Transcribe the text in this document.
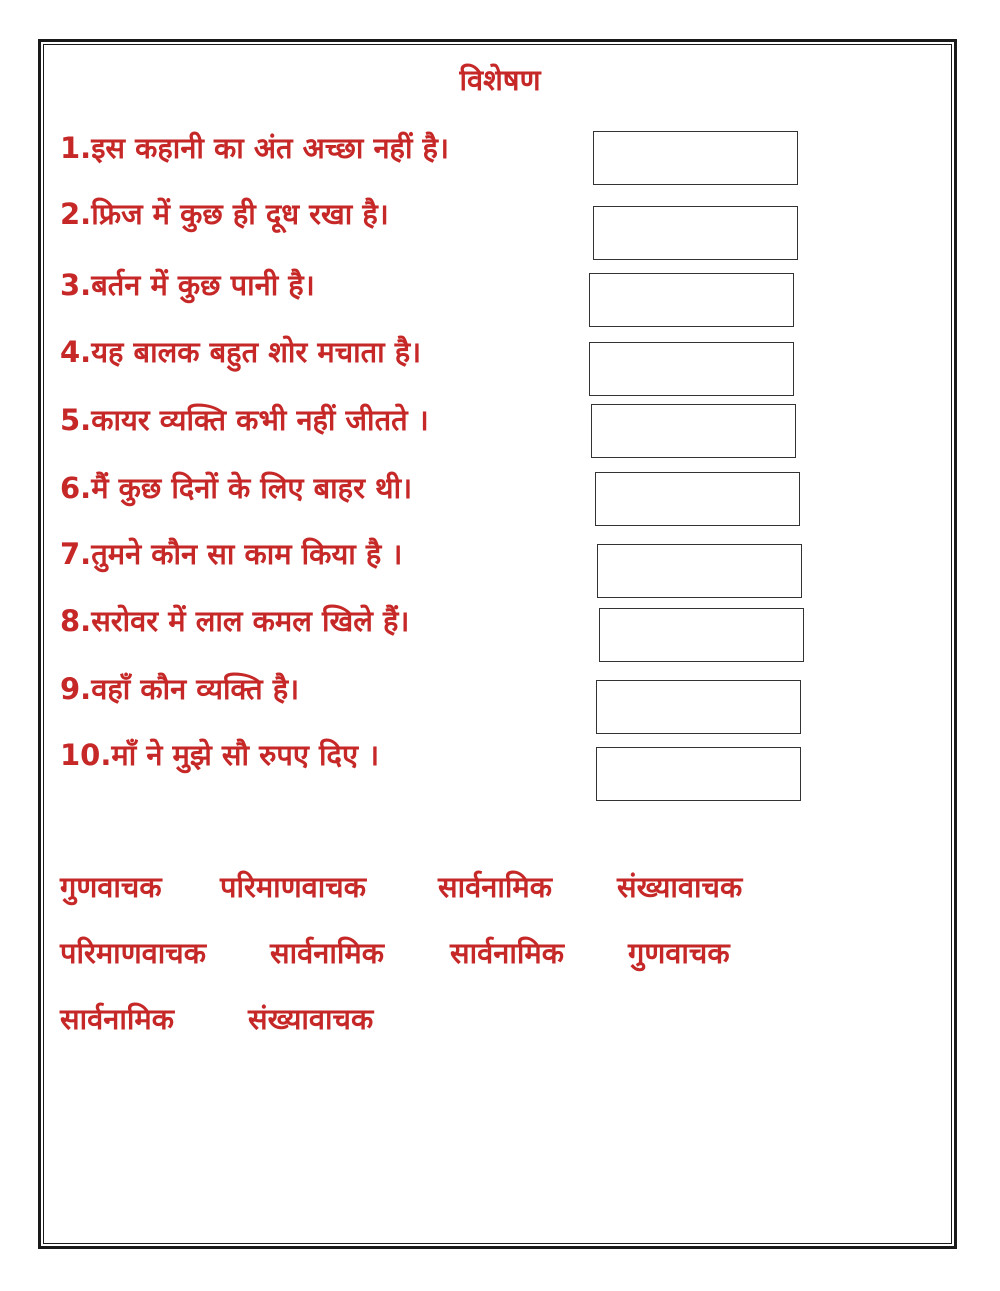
विशेषण
1.इस कहानी का अंत अच्छा नहीं है।
2.फ्रिज में कुछ ही दूध रखा है।
3.बर्तन में कुछ पानी है।
4.यह बालक बहुत शोर मचाता है।
5.कायर व्यक्ति कभी नहीं जीतते ।
6.मैं कुछ दिनों के लिए बाहर थी।
7.तुमने कौन सा काम किया है ।
8.सरोवर में लाल कमल खिले हैं।
9.वहाँ कौन व्यक्ति है।
10.माँ ने मुझे सौ रुपए दिए ।
गुणवाचक परिमाणवाचक सार्वनामिक संख्यावाचक
परिमाणवाचक सार्वनामिक सार्वनामिक गुणवाचक
सार्वनामिक	संख्यावाचक
